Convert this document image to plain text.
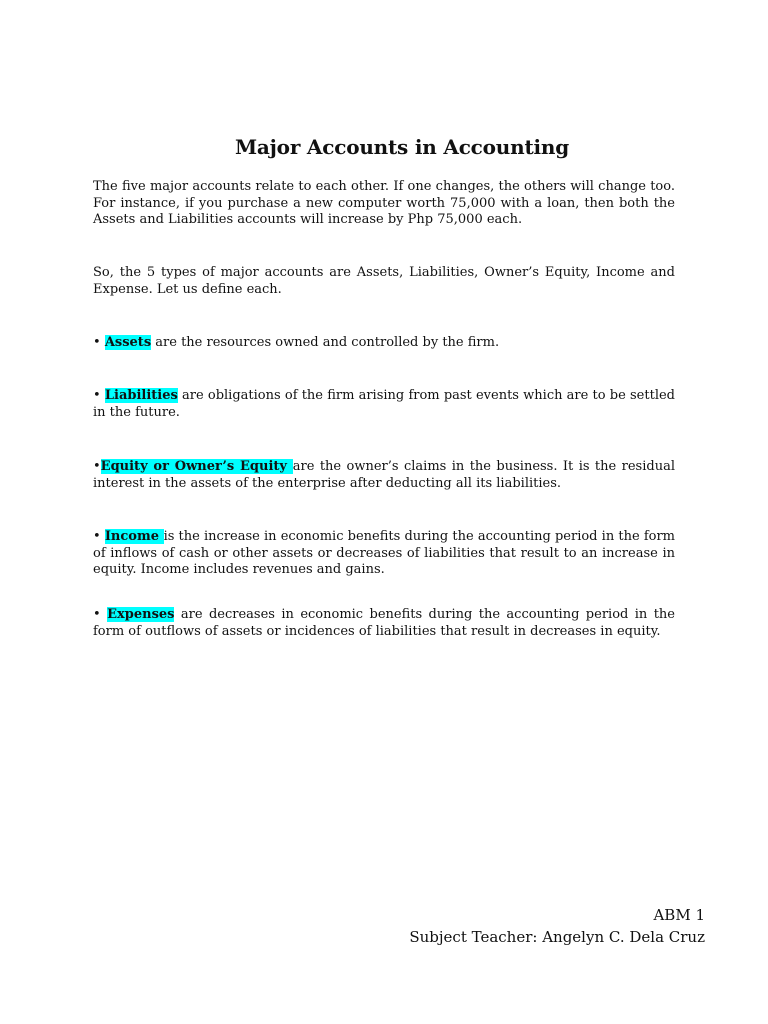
Major Accounts in Accounting

The five major accounts relate to each other. If one changes, the others will change too. For instance, if you purchase a new computer worth 75,000 with a loan, then both the Assets and Liabilities accounts will increase by Php 75,000 each.

So, the 5 types of major accounts are Assets, Liabilities, Owner’s Equity, Income and Expense. Let us define each.

• Assets are the resources owned and controlled by the firm.

• Liabilities are obligations of the firm arising from past events which are to be settled in the future.

•Equity or Owner’s Equity are the owner’s claims in the business. It is the residual interest in the assets of the enterprise after deducting all its liabilities.

• Income is the increase in economic benefits during the accounting period in the form of inflows of cash or other assets or decreases of liabilities that result to an increase in equity. Income includes revenues and gains.

• Expenses are decreases in economic benefits during the accounting period in the form of outflows of assets or incidences of liabilities that result in decreases in equity.

ABM 1
Subject Teacher: Angelyn C. Dela Cruz
